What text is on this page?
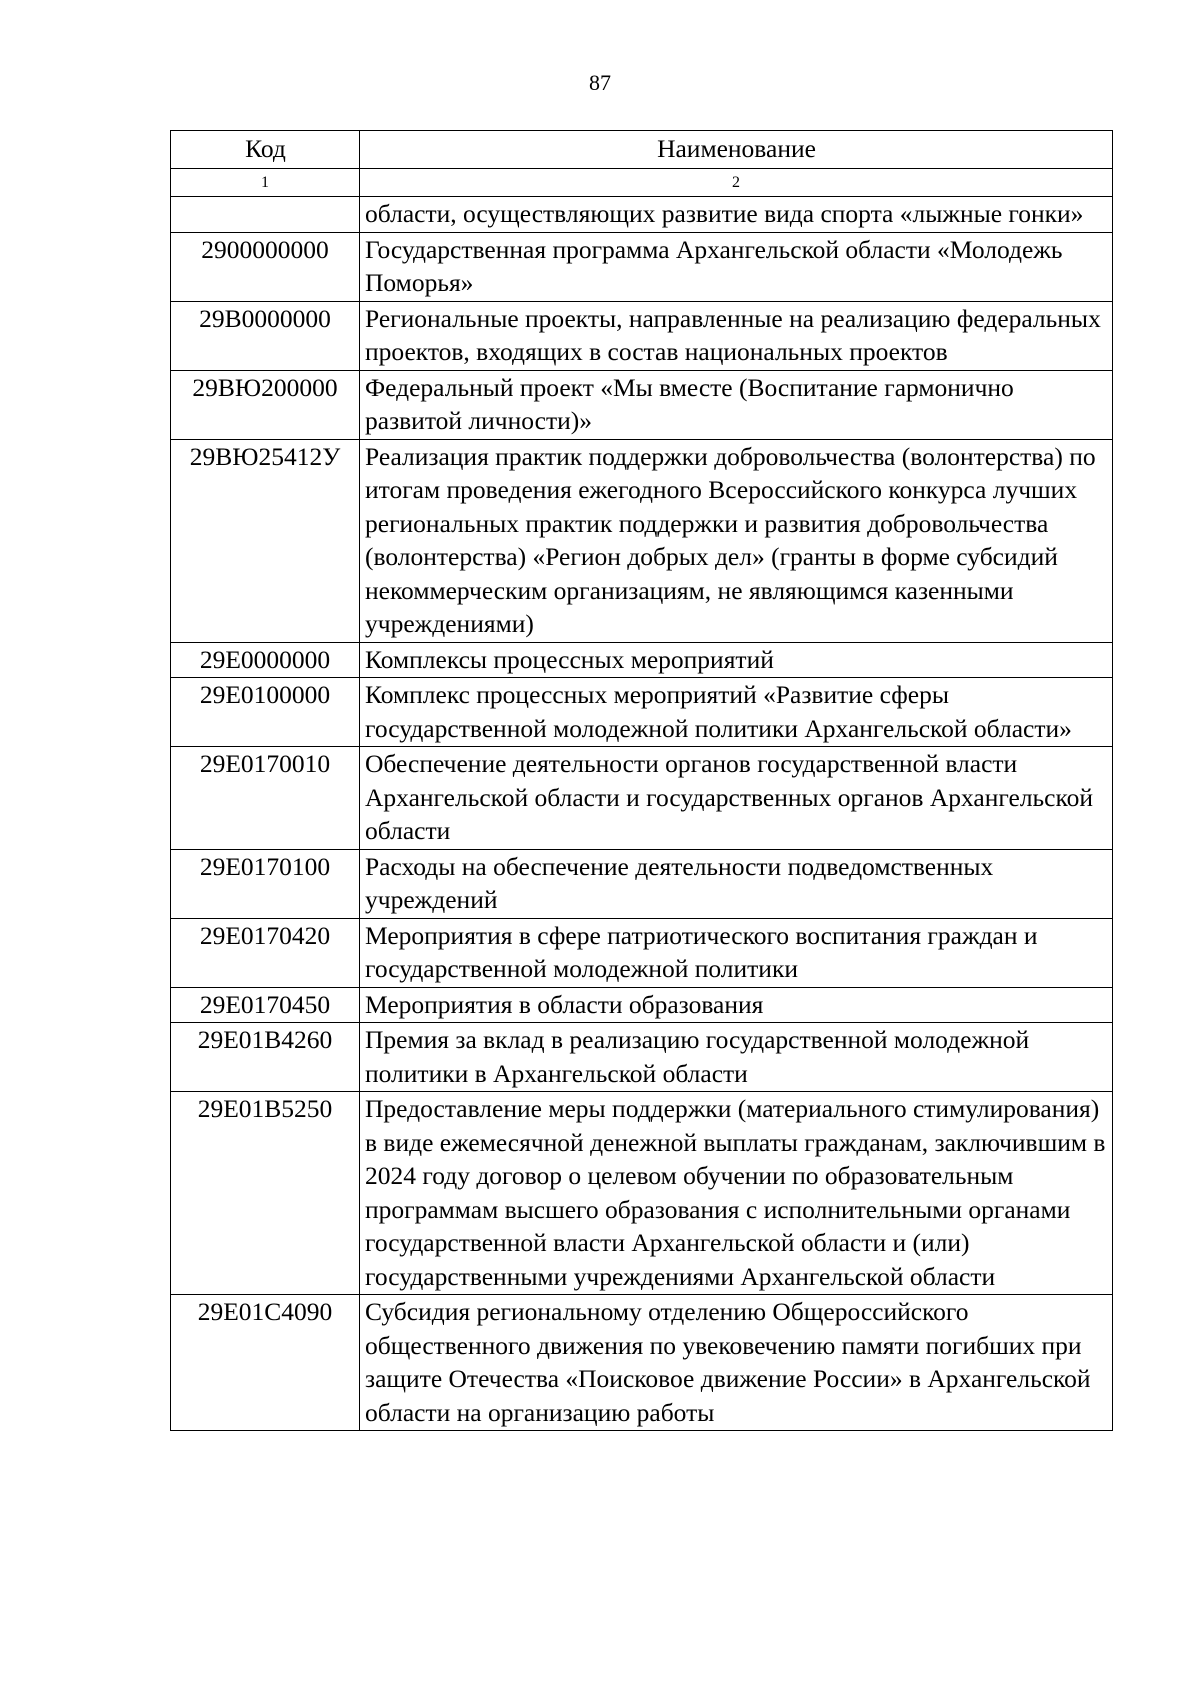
87
Код	Наименование
1	2
	области, осуществляющих развитие вида спорта «лыжные гонки»
2900000000	Государственная программа Архангельской области «Молодежь Поморья»
29В0000000	Региональные проекты, направленные на реализацию федеральных проектов, входящих в состав национальных проектов
29ВЮ200000	Федеральный проект «Мы вместе (Воспитание гармонично развитой личности)»
29ВЮ25412У	Реализация практик поддержки добровольчества (волонтерства) по итогам проведения ежегодного Всероссийского конкурса лучших региональных практик поддержки и развития добровольчества (волонтерства) «Регион добрых дел» (гранты в форме субсидий некоммерческим организациям, не являющимся казенными учреждениями)
29Е0000000	Комплексы процессных мероприятий
29Е0100000	Комплекс процессных мероприятий «Развитие сферы государственной молодежной политики Архангельской области»
29Е0170010	Обеспечение деятельности органов государственной власти Архангельской области и государственных органов Архангельской области
29Е0170100	Расходы на обеспечение деятельности подведомственных учреждений
29Е0170420	Мероприятия в сфере патриотического воспитания граждан и государственной молодежной политики
29Е0170450	Мероприятия в области образования
29Е01В4260	Премия за вклад в реализацию государственной молодежной политики в Архангельской области
29Е01В5250	Предоставление меры поддержки (материального стимулирования) в виде ежемесячной денежной выплаты гражданам, заключившим в 2024 году договор о целевом обучении по образовательным программам высшего образования с исполнительными органами государственной власти Архангельской области и (или) государственными учреждениями Архангельской области
29Е01С4090	Субсидия региональному отделению Общероссийского общественного движения по увековечению памяти погибших при защите Отечества «Поисковое движение России» в Архангельской области на организацию работы
